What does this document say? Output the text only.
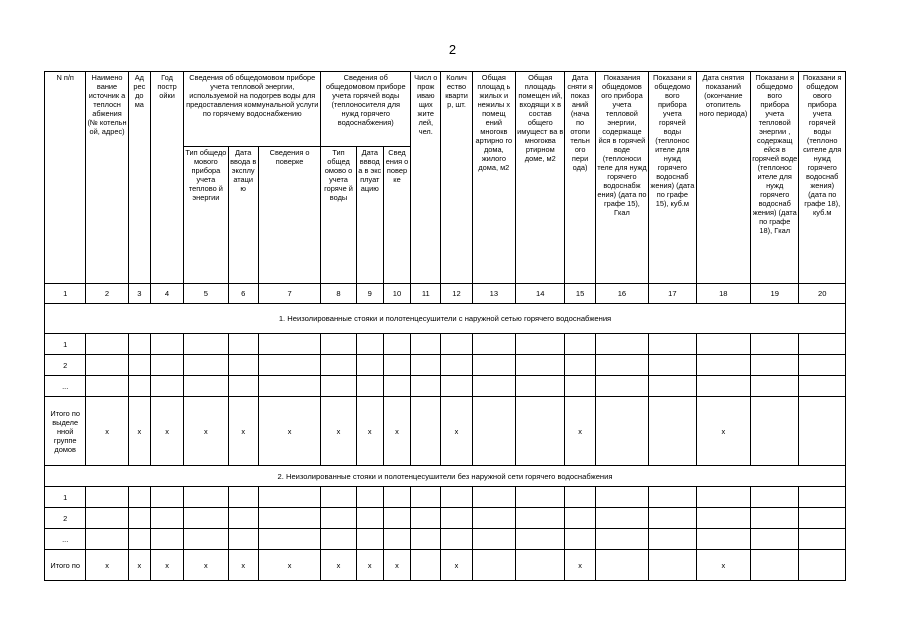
2
N п/п	Наимено вание источник а теплосн абжения (№ котельн ой, адрес)	Ад рес до ма	Год постр ойки	Сведения об общедомовом приборе учета тепловой энергии, используемой на подогрев воды для предоставления коммунальной услуги по горячему водоснабжению			Сведения об общедомовом приборе учета горячей воды (теплоносителя для нужд горячего водоснабжения)			Числ о прож иваю щих жите лей, чел.	Колич ество кварти р, шт.	Общая площад ь жилых и нежилы х помещ ений многокв артирно го дома, жилого дома, м2	Общая площадь помещен ий, входящи х в состав общего имущест ва в многоква ртирном доме, м2	Дата сняти я показ аний (нача по отопи тельн ого пери ода)	Показания общедомов ого прибора учета тепловой энергии, содержаще йся в горячей воде (теплоноси теле для нужд горячего водоснабж ения) (дата по графе 15), Гкал	Показани я общедомо вого прибора учета горячей воды (теплонос ителе для нужд горячего водоснаб жения) (дата по графе 15), куб.м	Дата снятия показаний (окончание отопитель ного периода)	Показани я общедомо вого прибора учета тепловой энергии , содержащ ейся в горячей воде (теплонос ителе для нужд горячего водоснаб жения) (дата по графе 18), Гкал	Показани я общедом ового прибора учета горячей воды (теплоно сителе для нужд горячего водоснаб жения) (дата по графе 18), куб.м
				Тип общедо мового прибора учета теплово й энергии	Дата ввода в эксплу атаци ю	Сведения о поверке	Тип общед омово о учета горяче й воды	Дата вввод а в экс плуат ацию	Свед ения о повер ке										
1	2	3	4	5	6	7	8	9	10	11	12	13	14	15	16	17	18	19	20
1. Неизолированные стояки и полотенцесушители с наружной сетью горячего водоснабжения																			
1																			
2																			
...																			
Итого по выделе нной группе домов	x	x	x	x	x	x	x	x	x		x			x			x		
2. Неизолированные стояки и полотенцесушители без наружной сети горячего водоснабжения																			
1																			
2																			
...																			
Итого по	x	x	x	x	x	x	x	x	x		x			x			x		
